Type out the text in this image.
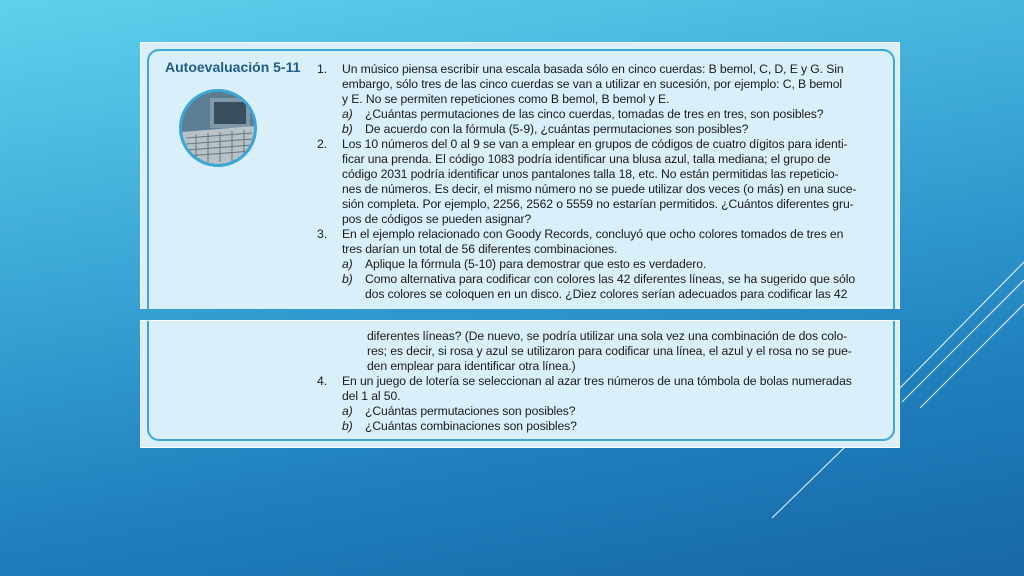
Autoevaluación 5-11 1. Un músico piensa escribir una escala basada sólo en cinco cuerdas: B bemol, C, D, E y G. Sin
embargo, sólo tres de las cinco cuerdas se van a utilizar en sucesión, por ejemplo: C, B bemol
y E. No se permiten repeticiones como B bemol, B bemol y E.
a) ¿Cuántas permutaciones de las cinco cuerdas, tomadas de tres en tres, son posibles?
b) De acuerdo con la fórmula (5-9), ¿cuántas permutaciones son posibles?
2. Los 10 números del 0 al 9 se van a emplear en grupos de códigos de cuatro dígitos para identi-
ficar una prenda. El código 1083 podría identificar una blusa azul, talla mediana; el grupo de
código 2031 podría identificar unos pantalones talla 18, etc. No están permitidas las repeticio-
nes de números. Es decir, el mismo número no se puede utilizar dos veces (o más) en una suce-
sión completa. Por ejemplo, 2256, 2562 o 5559 no estarían permitidos. ¿Cuántos diferentes gru-
pos de códigos se pueden asignar?
3. En el ejemplo relacionado con Goody Records, concluyó que ocho colores tomados de tres en
tres darían un total de 56 diferentes combinaciones.
a) Aplique la fórmula (5-10) para demostrar que esto es verdadero.
b) Como alternativa para codificar con colores las 42 diferentes líneas, se ha sugerido que sólo
dos colores se coloquen en un disco. ¿Diez colores serían adecuados para codificar las 42
diferentes líneas? (De nuevo, se podría utilizar una sola vez una combinación de dos colo-
res; es decir, si rosa y azul se utilizaron para codificar una línea, el azul y el rosa no se pue-
den emplear para identificar otra línea.)
4. En un juego de lotería se seleccionan al azar tres números de una tómbola de bolas numeradas
del 1 al 50.
a) ¿Cuántas permutaciones son posibles?
b) ¿Cuántas combinaciones son posibles?
